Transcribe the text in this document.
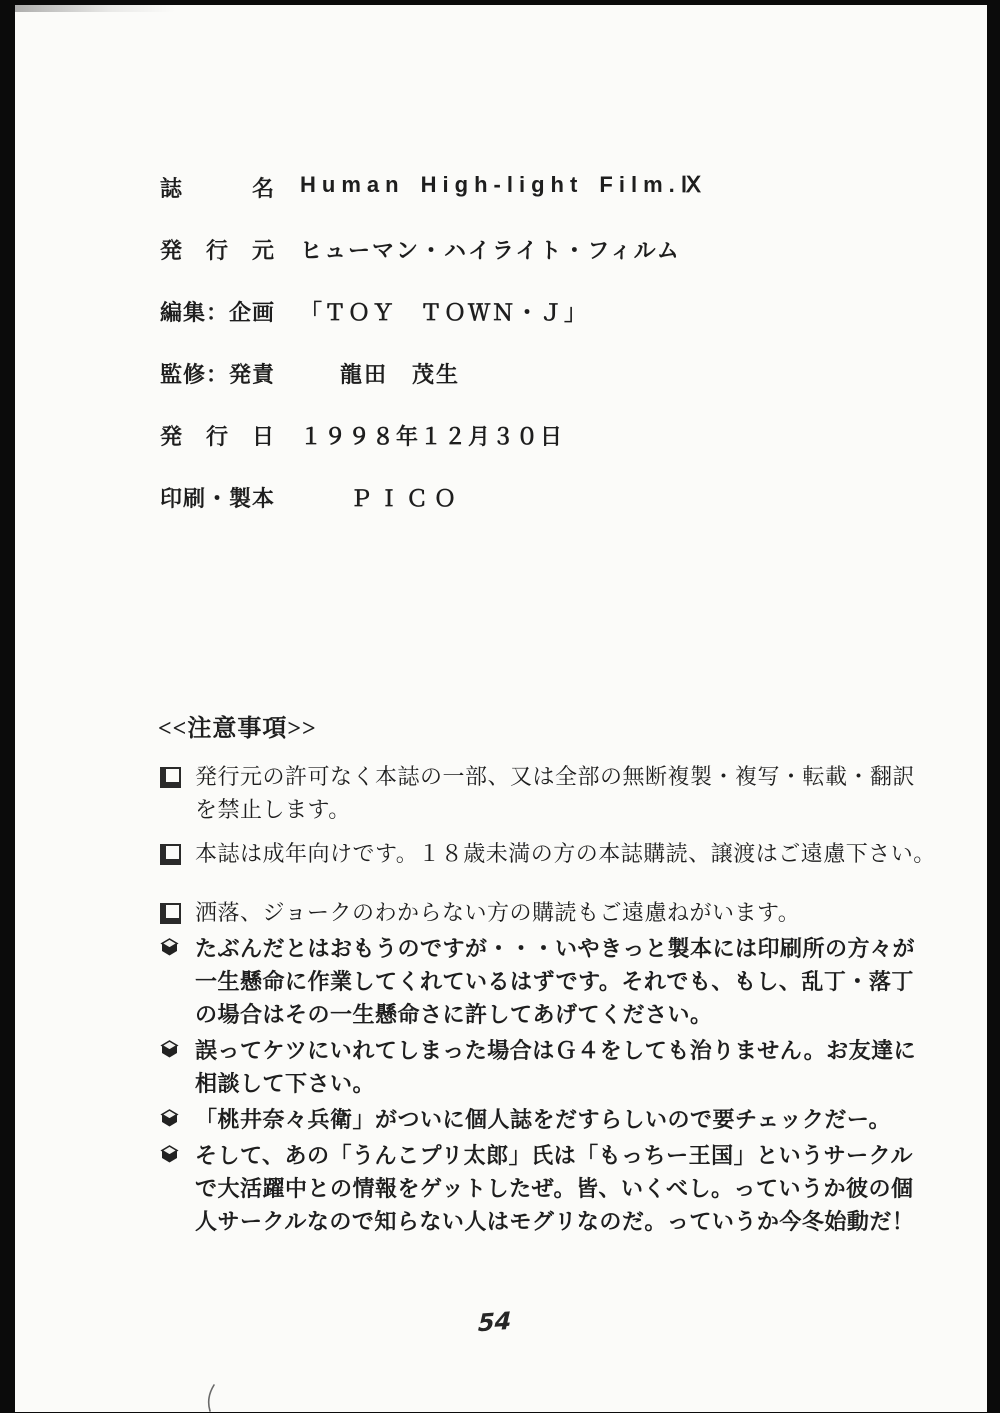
誌　　　名	Human High-light Film.Ⅸ
発　行　元	ヒューマン・ハイライト・フィルム
編集：企画	「ＴＯＹ　ＴＯＷＮ・Ｊ」
監修：発責	龍田　茂生
発　行　日	１９９８年１２月３０日
印刷・製本	ＰＩＣＯ
<<注意事項>>
発行元の許可なく本誌の一部、又は全部の無断複製・複写・転載・翻訳
を禁止します。
本誌は成年向けです。１８歳未満の方の本誌購読、譲渡はご遠慮下さい。
洒落、ジョークのわからない方の購読もご遠慮ねがいます。
たぶんだとはおもうのですが・・・いやきっと製本には印刷所の方々が
一生懸命に作業してくれているはずです。それでも、もし、乱丁・落丁
の場合はその一生懸命さに許してあげてください。
誤ってケツにいれてしまった場合はＧ４をしても治りません。お友達に
相談して下さい。
「桃井奈々兵衛」がついに個人誌をだすらしいので要チェックだー。
そして、あの「うんこプリ太郎」氏は「もっちー王国」というサークル
で大活躍中との情報をゲットしたぜ。皆、いくべし。っていうか彼の個
人サークルなので知らない人はモグリなのだ。っていうか今冬始動だ！
54
